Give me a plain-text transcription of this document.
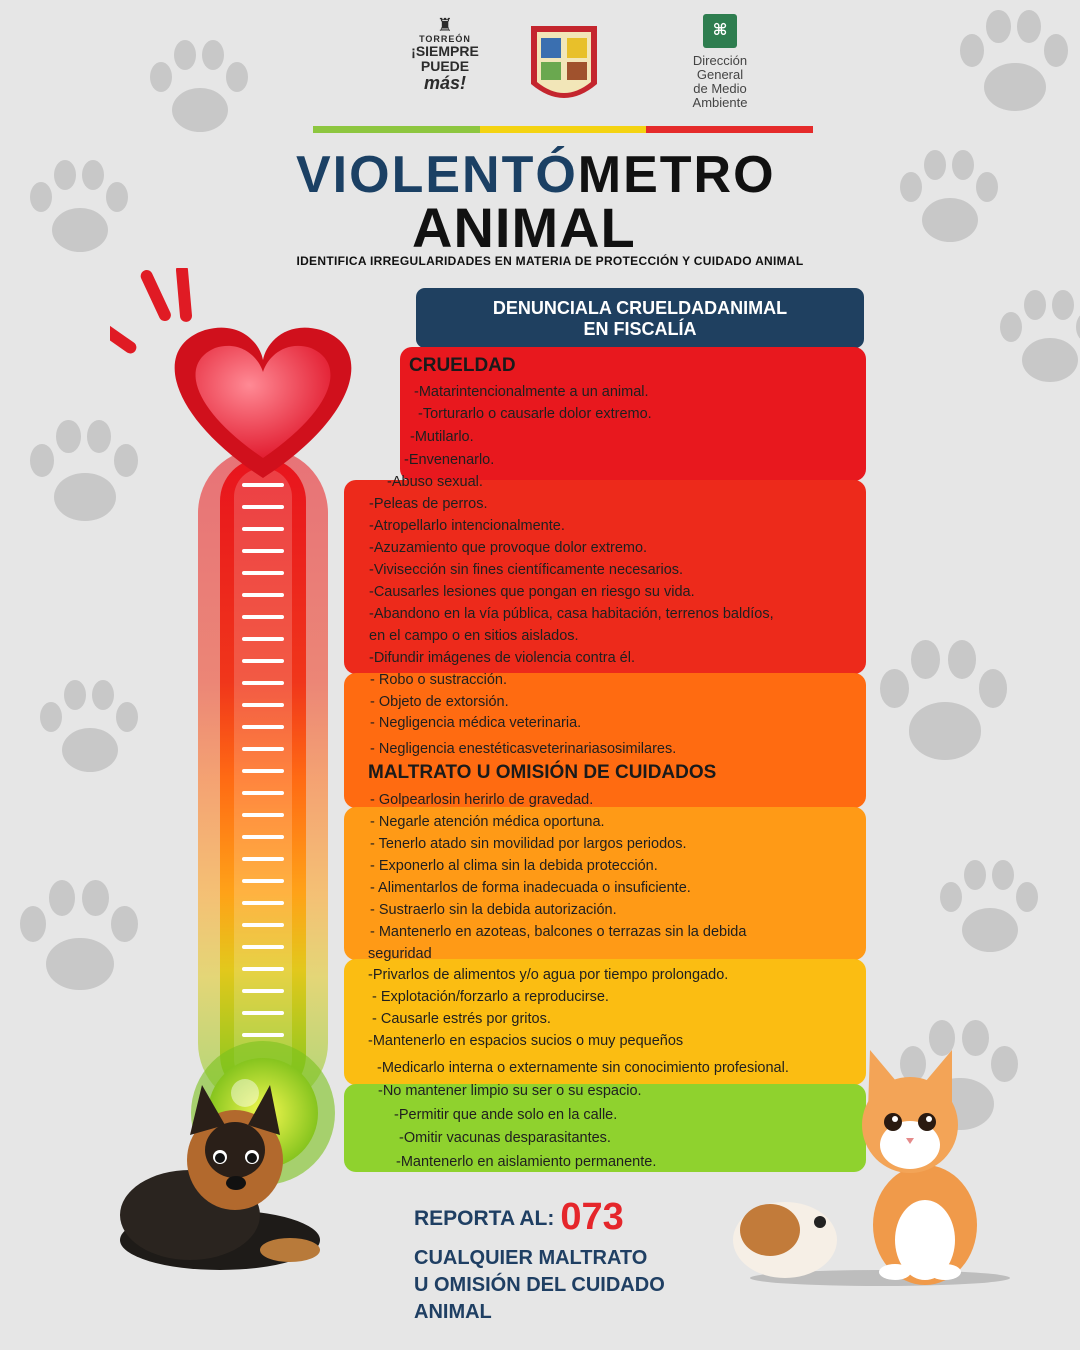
♜
TORREÓN
¡SIEMPRE
PUEDE
más!
⌘
Dirección
General
de Medio
Ambiente
VIOLENTÓMETRO
ANIMAL
IDENTIFICA IRREGULARIDADES EN MATERIA DE PROTECCIÓN Y CUIDADO ANIMAL
DENUNCIALA CRUELDADANIMAL
EN FISCALÍA
CRUELDAD
MALTRATO U OMISIÓN DE CUIDADOS
-Matarintencionalmente a un animal.
-Torturarlo o causarle dolor extremo.
-Mutilarlo.
-Envenenarlo.
-Abuso sexual.
-Peleas de perros.
-Atropellarlo intencionalmente.
-Azuzamiento que provoque dolor extremo.
-Vivisección sin fines científicamente necesarios.
-Causarles lesiones que pongan en riesgo su vida.
-Abandono en la vía pública, casa habitación, terrenos baldíos,
en el campo o en sitios aislados.
-Difundir imágenes de violencia contra él.
- Robo o sustracción.
- Objeto de extorsión.
- Negligencia médica veterinaria.
- Negligencia enestéticasveterinariasosimilares.
- Golpearlosin herirlo de gravedad.
- Negarle atención médica oportuna.
- Tenerlo atado sin movilidad por largos periodos.
- Exponerlo al clima sin la debida protección.
- Alimentarlos de forma inadecuada o insuficiente.
- Sustraerlo sin la debida autorización.
- Mantenerlo en azoteas, balcones o terrazas sin la debida
seguridad
-Privarlos de alimentos y/o agua por tiempo prolongado.
- Explotación/forzarlo a reproducirse.
- Causarle estrés por gritos.
-Mantenerlo en espacios sucios o muy pequeños
-Medicarlo interna o externamente sin conocimiento profesional.
-No mantener limpio su ser o su espacio.
-Permitir que ande solo en la calle.
-Omitir vacunas desparasitantes.
-Mantenerlo en aislamiento permanente.
REPORTA AL: 073
CUALQUIER MALTRATO
U OMISIÓN DEL CUIDADO
ANIMAL
